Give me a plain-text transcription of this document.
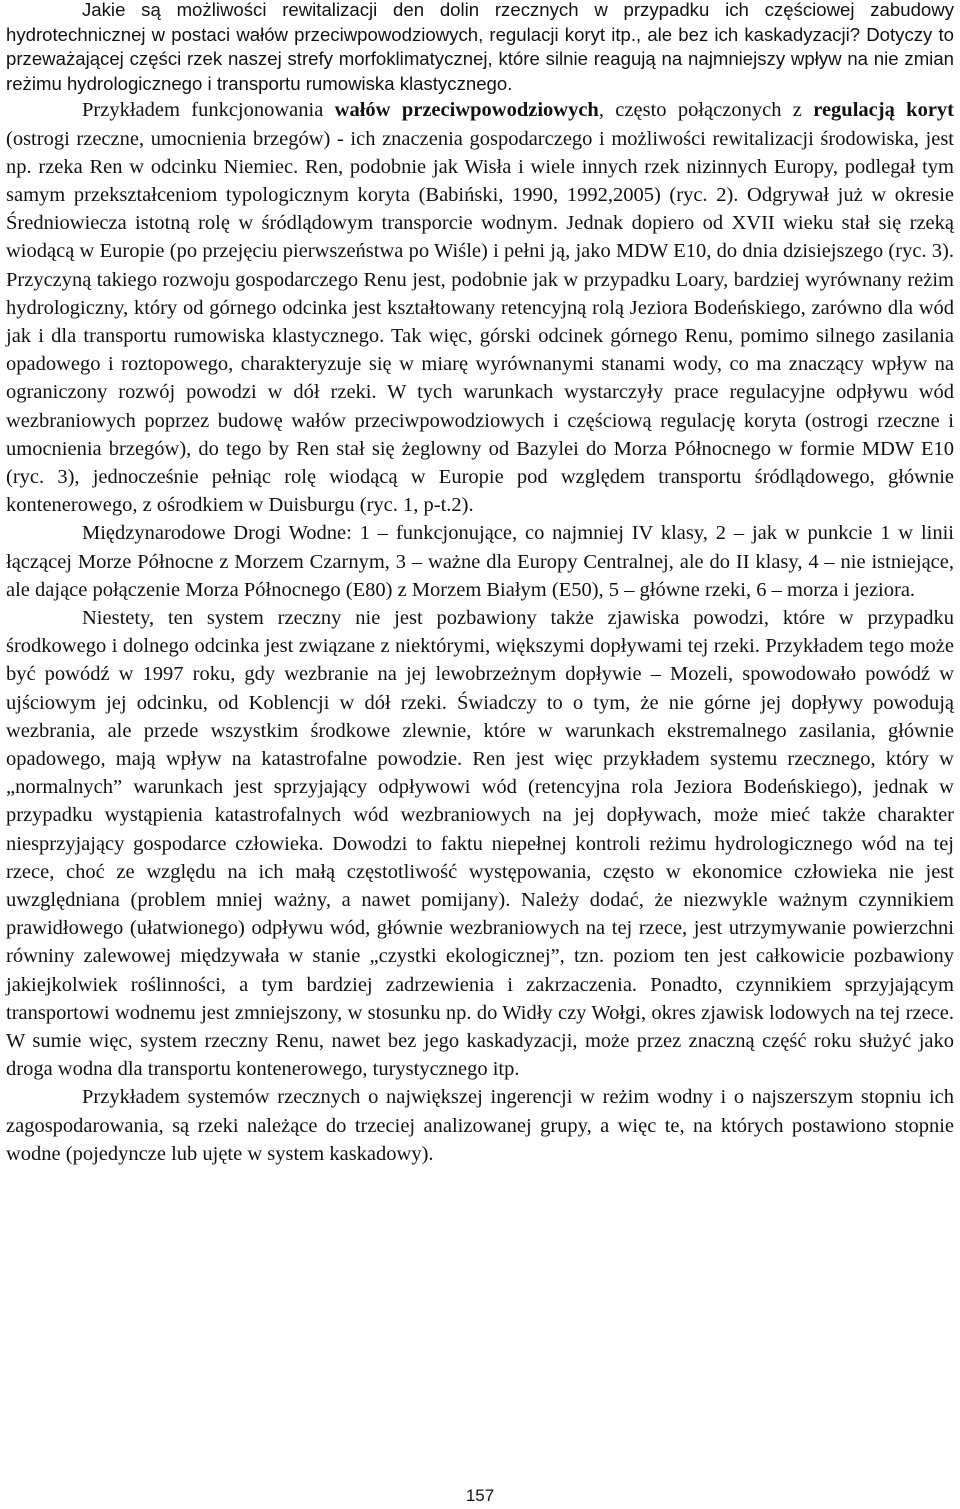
Jakie są możliwości rewitalizacji den dolin rzecznych w przypadku ich częściowej zabudowy hydrotechnicznej w postaci wałów przeciwpowodziowych, regulacji koryt itp., ale bez ich kaskadyzacji? Dotyczy to przeważającej części rzek naszej strefy morfoklimatycznej, które silnie reagują na najmniejszy wpływ na nie zmian reżimu hydrologicznego i transportu rumowiska klastycznego.

Przykładem funkcjonowania wałów przeciwpowodziowych, często połączonych z regulacją koryt (ostrogi rzeczne, umocnienia brzegów) - ich znaczenia gospodarczego i możliwości rewitalizacji środowiska, jest np. rzeka Ren w odcinku Niemiec. Ren, podobnie jak Wisła i wiele innych rzek nizinnych Europy, podlegał tym samym przekształceniom typologicznym koryta (Babiński, 1990, 1992,2005) (ryc. 2). Odgrywał już w okresie Średniowiecza istotną rolę w śródlądowym transporcie wodnym. Jednak dopiero od XVII wieku stał się rzeką wiodącą w Europie (po przejęciu pierwszeństwa po Wiśle) i pełni ją, jako MDW E10, do dnia dzisiejszego (ryc. 3). Przyczyną takiego rozwoju gospodarczego Renu jest, podobnie jak w przypadku Loary, bardziej wyrównany reżim hydrologiczny, który od górnego odcinka jest kształtowany retencyjną rolą Jeziora Bodeńskiego, zarówno dla wód jak i dla transportu rumowiska klastycznego. Tak więc, górski odcinek górnego Renu, pomimo silnego zasilania opadowego i roztopowego, charakteryzuje się w miarę wyrównanymi stanami wody, co ma znaczący wpływ na ograniczony rozwój powodzi w dół rzeki. W tych warunkach wystarczyły prace regulacyjne odpływu wód wezbraniowych poprzez budowę wałów przeciwpowodziowych i częściową regulację koryta (ostrogi rzeczne i umocnienia brzegów), do tego by Ren stał się żeglowny od Bazylei do Morza Północnego w formie MDW E10 (ryc. 3), jednocześnie pełniąc rolę wiodącą w Europie pod względem transportu śródlądowego, głównie kontenerowego, z ośrodkiem w Duisburgu (ryc. 1, p-t.2).

Międzynarodowe Drogi Wodne: 1 – funkcjonujące, co najmniej IV klasy, 2 – jak w punkcie 1 w linii łączącej Morze Północne z Morzem Czarnym, 3 – ważne dla Europy Centralnej, ale do II klasy, 4 – nie istniejące, ale dające połączenie Morza Północnego (E80) z Morzem Białym (E50), 5 – główne rzeki, 6 – morza i jeziora.

Niestety, ten system rzeczny nie jest pozbawiony także zjawiska powodzi, które w przypadku środkowego i dolnego odcinka jest związane z niektórymi, większymi dopływami tej rzeki. Przykładem tego może być powódź w 1997 roku, gdy wezbranie na jej lewobrzeżnym dopływie – Mozeli, spowodowało powódź w ujściowym jej odcinku, od Koblencji w dół rzeki. Świadczy to o tym, że nie górne jej dopływy powodują wezbrania, ale przede wszystkim środkowe zlewnie, które w warunkach ekstremalnego zasilania, głównie opadowego, mają wpływ na katastrofalne powodzie. Ren jest więc przykładem systemu rzecznego, który w „normalnych” warunkach jest sprzyjający odpływowi wód (retencyjna rola Jeziora Bodeńskiego), jednak w przypadku wystąpienia katastrofalnych wód wezbraniowych na jej dopływach, może mieć także charakter niesprzyjający gospodarce człowieka. Dowodzi to faktu niepełnej kontroli reżimu hydrologicznego wód na tej rzece, choć ze względu na ich małą częstotliwość występowania, często w ekonomice człowieka nie jest uwzględniana (problem mniej ważny, a nawet pomijany). Należy dodać, że niezwykle ważnym czynnikiem prawidłowego (ułatwionego) odpływu wód, głównie wezbraniowych na tej rzece, jest utrzymywanie powierzchni równiny zalewowej międzywała w stanie „czystki ekologicznej”, tzn. poziom ten jest całkowicie pozbawiony jakiejkolwiek roślinności, a tym bardziej zadrzewienia i zakrzaczenia. Ponadto, czynnikiem sprzyjającym transportowi wodnemu jest zmniejszony, w stosunku np. do Widły czy Wołgi, okres zjawisk lodowych na tej rzece. W sumie więc, system rzeczny Renu, nawet bez jego kaskadyzacji, może przez znaczną część roku służyć jako droga wodna dla transportu kontenerowego, turystycznego itp.

Przykładem systemów rzecznych o największej ingerencji w reżim wodny i o najszerszym stopniu ich zagospodarowania, są rzeki należące do trzeciej analizowanej grupy, a więc te, na których postawiono stopnie wodne (pojedyncze lub ujęte w system kaskadowy).

157
